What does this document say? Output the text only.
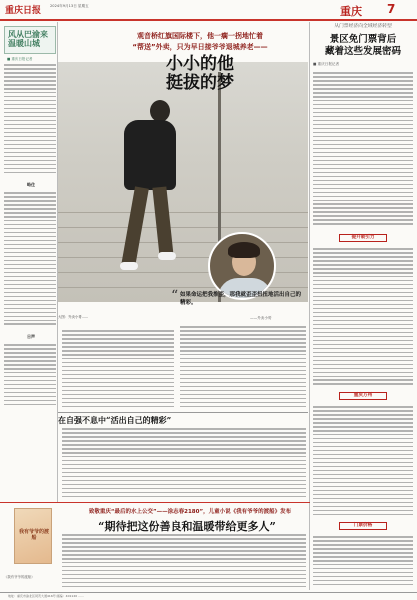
重庆日报 2024年9月13日 星期五	重庆 7
风从巴渝来 温暖山城
■ 重庆日报记者
略住
日声
观音桥红旗国际楼下，他一瘸一拐地忙着
“帮送”外卖，只为早日接爷爷退城养老——
小小的他
挺拔的梦
“ 如果命运把我推歪，那我就歪歪扭扭地活出自己的精彩。
——外卖小哥
大图：外卖小哥......
在自强不息中“活出自己的精彩”
从门票经济向全域经济转型
景区免门票背后
藏着这些发展密码
■ 重庆日报记者
提升吸引力
重庆万州
门票价格
我有爷爷的渡船
《我有爷爷的渡船》
致敬重庆“最后的水上公交”——涂志春2180”，儿童小说《我有爷爷的渡船》发布
“期待把这份善良和温暖带给更多人”
地址：重庆市渝北区同茂大道416号 邮编：401120 ......
